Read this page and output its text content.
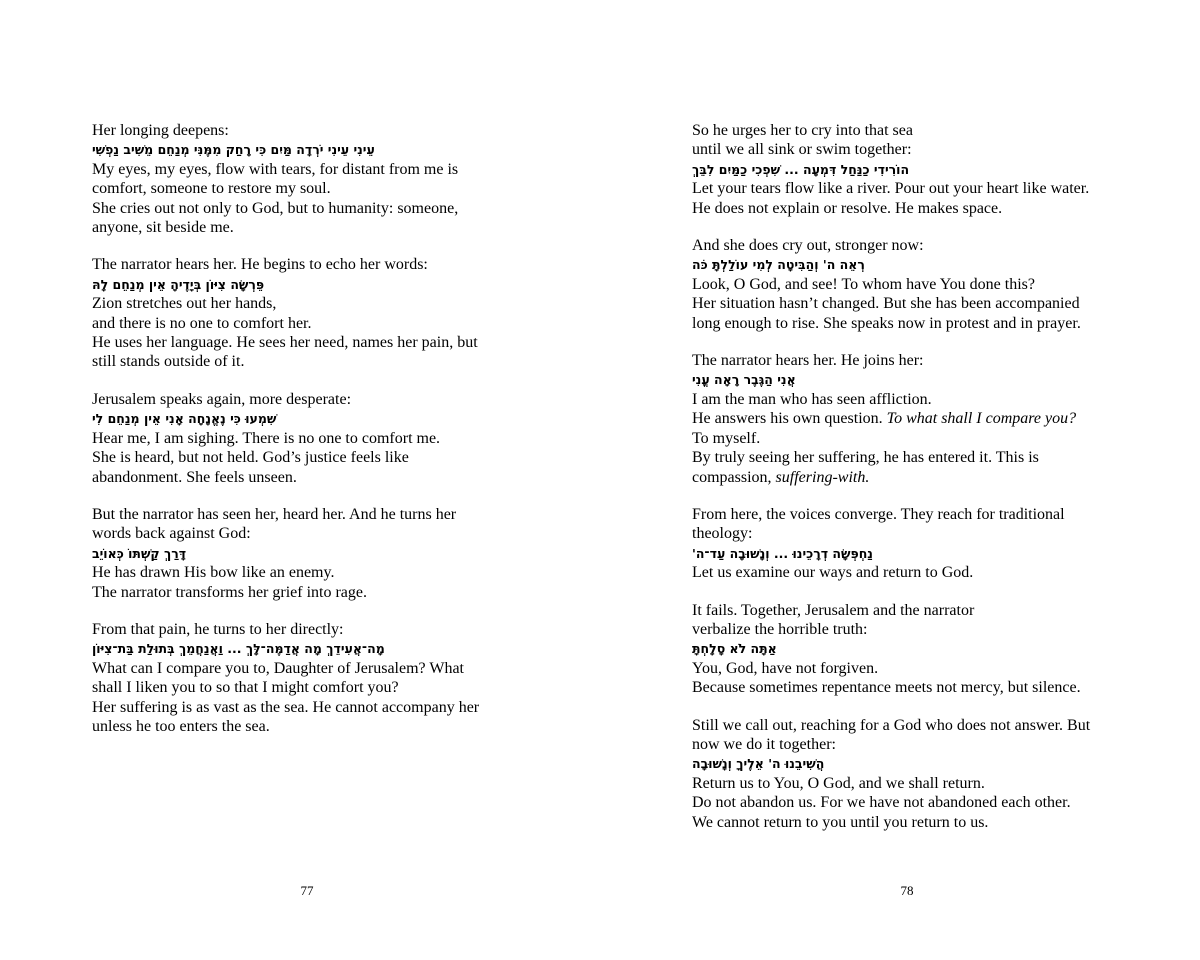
Her longing deepens:
עֵינִי עֵינִי יֹרְדָה מַּיִם כִּי רָחַק מִמֶּנִּי מְנַחֵם מֵשִׁיב נַפְשִׁי
My eyes, my eyes, flow with tears, for distant from me is
comfort, someone to restore my soul.
She cries out not only to God, but to humanity: someone,
anyone, sit beside me.
The narrator hears her. He begins to echo her words:
פֵּרְשָׂה צִיּוֹן בְּיָדֶיהָ אֵין מְנַחֵם לָהּ
Zion stretches out her hands,
and there is no one to comfort her.
He uses her language. He sees her need, names her pain, but
still stands outside of it.
Jerusalem speaks again, more desperate:
שִׁמְעוּ כִּי נֶאֱנָחָה אָנִי אֵין מְנַחֵם לִי
Hear me, I am sighing. There is no one to comfort me.
She is heard, but not held. God’s justice feels like
abandonment. She feels unseen.
But the narrator has seen her, heard her. And he turns her
words back against God:
דָּרַךְ קַשְׁתּוֹ כְּאוֹיֵב
He has drawn His bow like an enemy.
The narrator transforms her grief into rage.
From that pain, he turns to her directly:
מָה־אֲעִידֵךְ מָה אֲדַמֶּה־לָּךְ ... וַאֲנַחֲמֵךְ בְּתוּלַת בַּת־צִיּוֹן
What can I compare you to, Daughter of Jerusalem? What
shall I liken you to so that I might comfort you?
Her suffering is as vast as the sea. He cannot accompany her
unless he too enters the sea.
77
So he urges her to cry into that sea
until we all sink or swim together:
הוֹרִידִי כַנַּחַל דִּמְעָה ... שִׁפְכִי כַמַּיִם לִבֵּךְ
Let your tears flow like a river. Pour out your heart like water.
He does not explain or resolve. He makes space.
And she does cry out, stronger now:
רְאֵה ה' וְהַבִּיטָה לְמִי עוֹלַלְתָּ כֹּה
Look, O God, and see! To whom have You done this?
Her situation hasn’t changed. But she has been accompanied
long enough to rise. She speaks now in protest and in prayer.
The narrator hears her. He joins her:
אֲנִי הַגֶּבֶר רָאָה עֳנִי
I am the man who has seen affliction.
He answers his own question. To what shall I compare you?
To myself.
By truly seeing her suffering, he has entered it. This is
compassion, suffering-with.
From here, the voices converge. They reach for traditional
theology:
נַחְפְּשָׂה דְרָכֵינוּ ... וְנָשׁוּבָה עַד־ה'
Let us examine our ways and return to God.
It fails. Together, Jerusalem and the narrator
verbalize the horrible truth:
אַתָּה לֹא סָלָחְתָּ
You, God, have not forgiven.
Because sometimes repentance meets not mercy, but silence.
Still we call out, reaching for a God who does not answer. But
now we do it together:
הֲשִׁיבֵנוּ ה' אֵלֶיךָ וְנָשׁוּבָה
Return us to You, O God, and we shall return.
Do not abandon us. For we have not abandoned each other.
We cannot return to you until you return to us.
78
